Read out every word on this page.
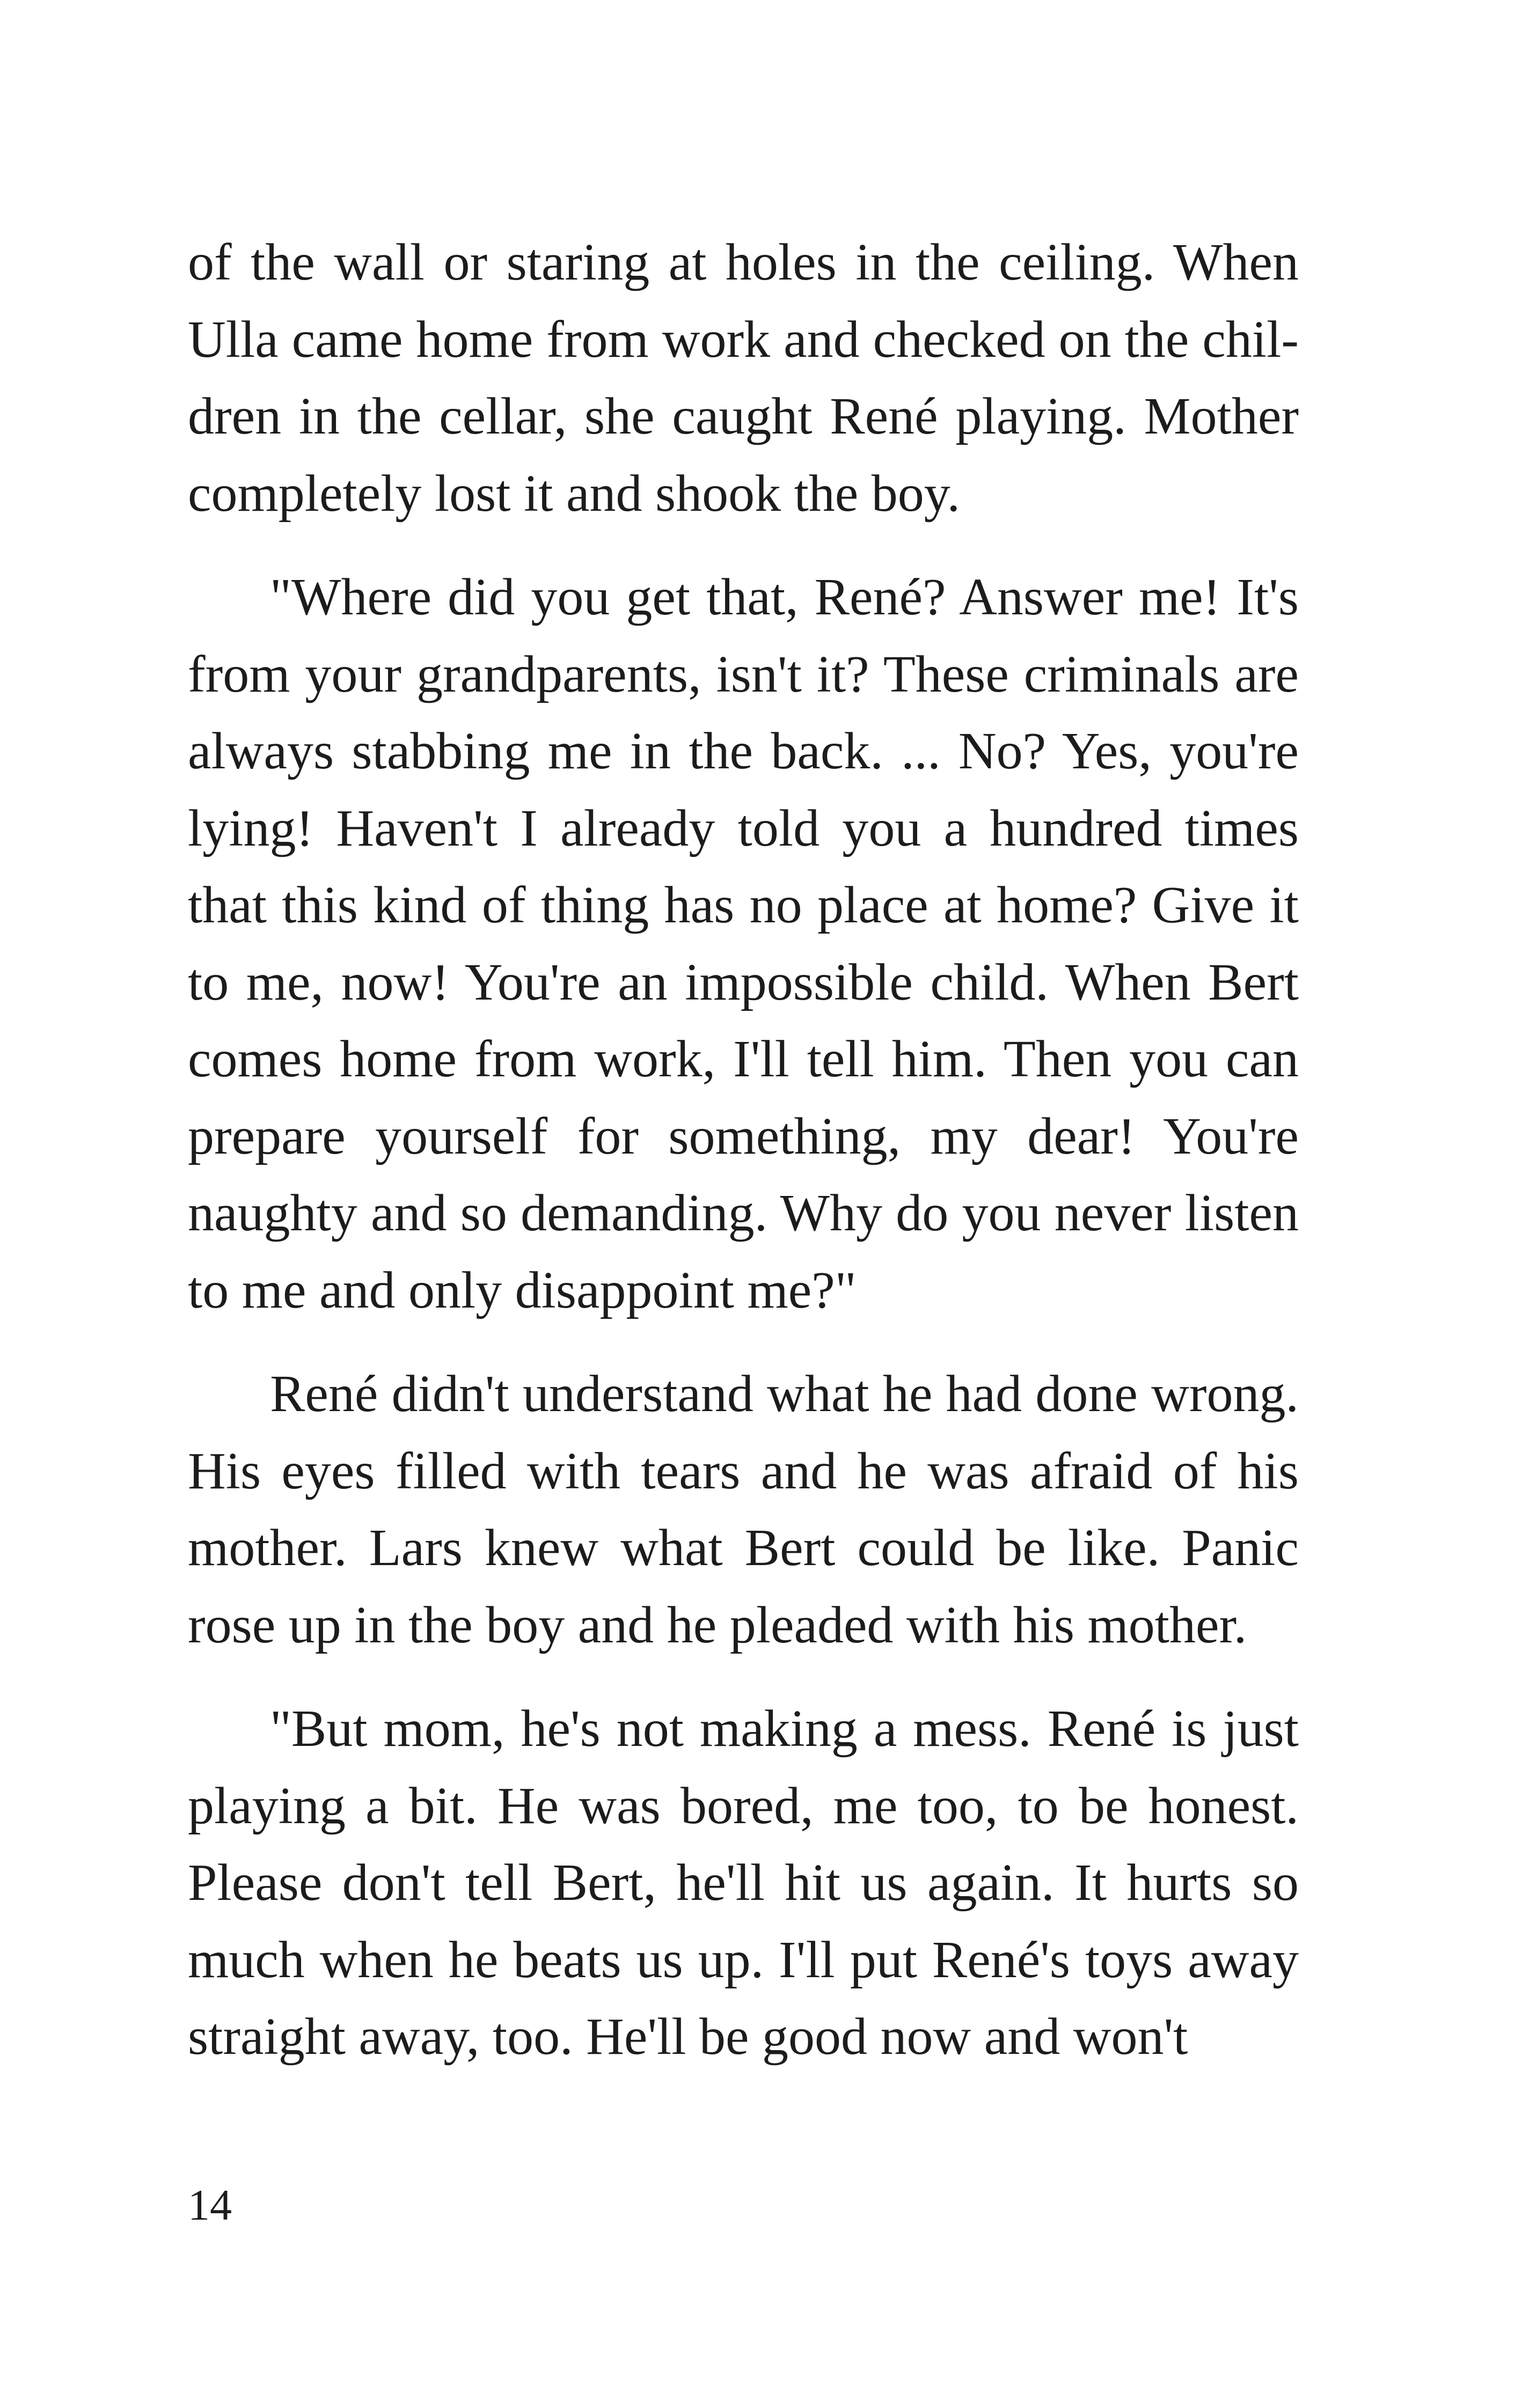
of the wall or staring at holes in the ceiling. When Ulla came home from work and checked on the children in the cellar, she caught René playing. Mother completely lost it and shook the boy.

"Where did you get that, René? Answer me! It's from your grandparents, isn't it? These criminals are always stabbing me in the back. ... No? Yes, you're lying! Haven't I already told you a hundred times that this kind of thing has no place at home? Give it to me, now! You're an impossible child. When Bert comes home from work, I'll tell him. Then you can prepare yourself for something, my dear! You're naughty and so demanding. Why do you never listen to me and only disappoint me?"

René didn't understand what he had done wrong. His eyes filled with tears and he was afraid of his mother. Lars knew what Bert could be like. Panic rose up in the boy and he pleaded with his mother.

"But mom, he's not making a mess. René is just playing a bit. He was bored, me too, to be honest. Please don't tell Bert, he'll hit us again. It hurts so much when he beats us up. I'll put René's toys away straight away, too. He'll be good now and won't

14
